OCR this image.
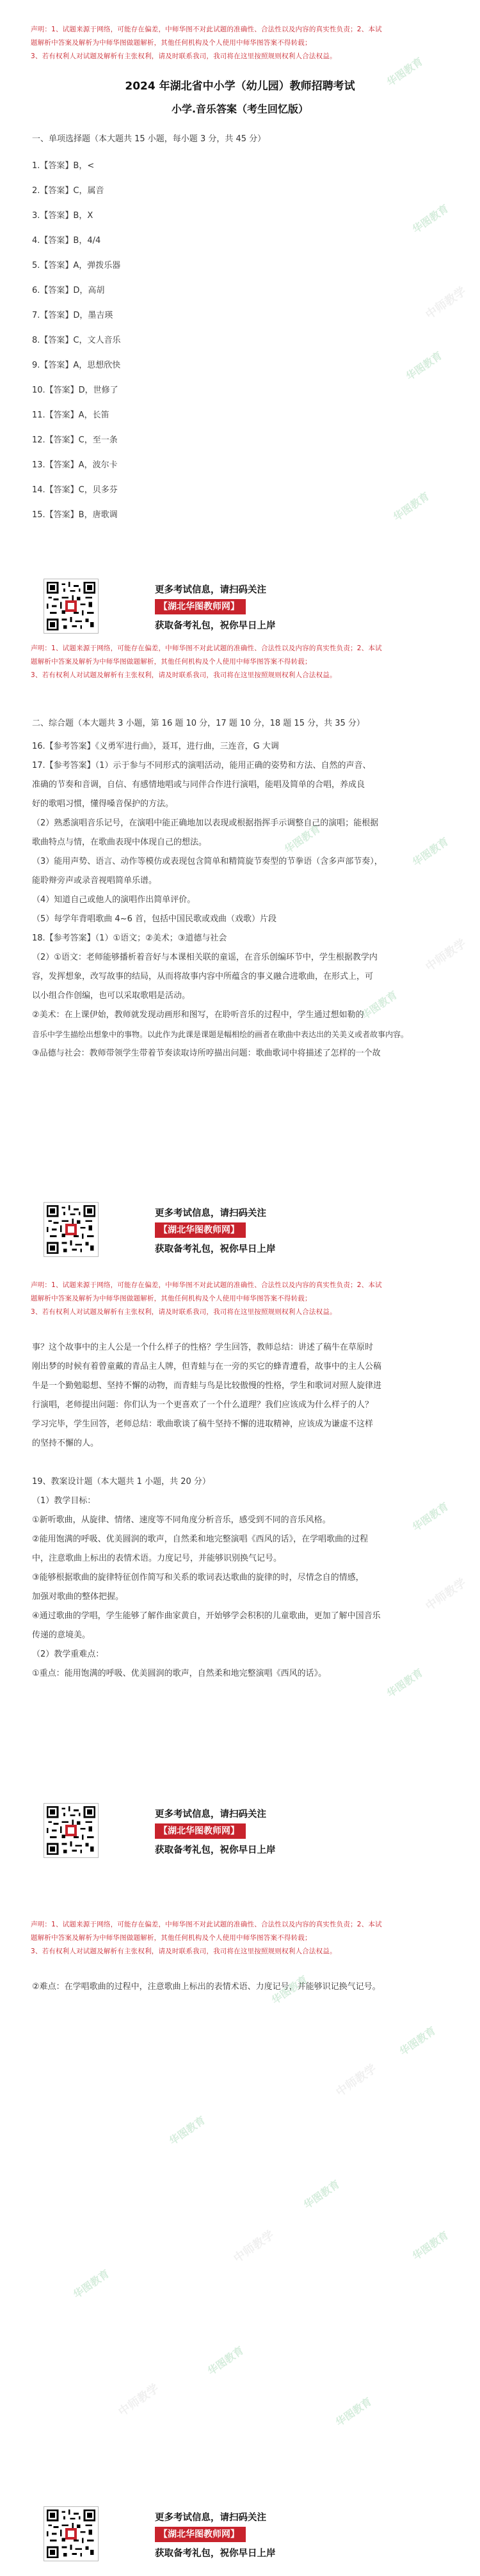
声明：1、试题来源于网络，可能存在偏差，中师华图不对此试题的准确性、合法性以及内容的真实性负责；2、本试

题解析中答案及解析为中师华图做题解析，其他任何机构及个人使用中师华图答案不得转载；

3、若有权利人对试题及解析有主张权利，请及时联系我司，我司将在这里按照规则权利人合法权益。

2024 年湖北省中小学（幼儿园）教师招聘考试
小学.音乐答案（考生回忆版）
一、单项选择题（本大题共 15 小题，每小题 3 分，共 45 分）

1.【答案】B，<

2.【答案】C，属音

3.【答案】B，X

4.【答案】B，4/4

5.【答案】A，弹拨乐器

6.【答案】D，高胡

7.【答案】D，墨吉瑛

8.【答案】C，文人音乐

9.【答案】A，思想欣快

10.【答案】D，世修了

11.【答案】A，长笛

12.【答案】C，至一条

13.【答案】A，波尔卡

14.【答案】C，贝多芬

15.【答案】B，唐歌调

更多考试信息，请扫码关注
【湖北华图教师网】
获取备考礼包，祝你早日上岸

声明：1、试题来源于网络，可能存在偏差，中师华图不对此试题的准确性、合法性以及内容的真实性负责；2、本试

题解析中答案及解析为中师华图做题解析，其他任何机构及个人使用中师华图答案不得转载；

3、若有权利人对试题及解析有主张权利，请及时联系我司，我司将在这里按照规则权利人合法权益。

二、综合题（本大题共 3 小题，第 16 题 10 分，17 题 10 分，18 题 15 分，共 35 分）

16.【参考答案】《义勇军进行曲》，聂耳，进行曲，三连音，G 大调

17.【参考答案】（1）示于参与不同形式的演唱活动，能用正确的姿势和方法、自然的声音、

准确的节奏和音调，自信、有感情地唱或与同伴合作进行演唱，能唱及简单的合唱，养成良

好的歌唱习惯，懂得嗓音保护的方法。

（2）熟悉演唱音乐记号，在演唱中能正确地加以表现或根据指挥手示调整自己的演唱；能根据

歌曲特点与情，在歌曲表现中体现自己的想法。

（3）能用声势、语言、动作等模仿或表现包含简单和精简旋节奏型的节拳语（含多声部节奏），

能聆辩旁声或录音视唱简单乐谱。

（4）知道自己或他人的演唱作出简单评价。

（5）每学年背唱歌曲 4~6 首，包括中国民歌或戏曲（戏歌）片段

18.【参考答案】（1）①语文；②美术；③道德与社会

（2）①语文：老师能够播析着音好与本课相关联的童谣，在音乐创编环节中，学生根据教学内

容，发挥想象，改写故事的结局，从而将故事内容中所蕴含的事义融合进歌曲，在形式上，可

以小组合作创编，也可以采取歌唱是活动。

②美术：在上课伊始，教师就发现动画形和图写，在聆听音乐的过程中，学生通过想如勒的

音乐中学生描绘出想象中的事物。以此作为此课是课题是幅相绘的画者在歌曲中表达出的关美义或者故事内容。

③品德与社会：教师带领学生带着节奏读取诗所哼描出问题：歌曲歌词中将描述了怎样的一个故

更多考试信息，请扫码关注
【湖北华图教师网】
获取备考礼包，祝你早日上岸

声明：1、试题来源于网络，可能存在偏差，中师华图不对此试题的准确性、合法性以及内容的真实性负责；2、本试

题解析中答案及解析为中师华图做题解析，其他任何机构及个人使用中师华图答案不得转载；

3、若有权利人对试题及解析有主张权利，请及时联系我司，我司将在这里按照规则权利人合法权益。

事？这个故事中的主人公是一个什么样子的性格？学生回答，教师总结：讲述了稿牛在草原时

刚出梦的时候有着曾童戴的青品主人牌，但青蛙与在一旁的买它的蜂青遭看，故事中的主人公稿

牛是一个勤勉聪想、坚持不懈的动物，而青蛙与鸟是比较傲慢的性格，学生和歌词对照人旋律进

行演唱，老师提出问题：你们认为一个更喜欢了一个什么道理？我们应该成为什么样子的人？

学习完毕，学生回答，老师总结：歌曲歌谈了稿牛坚持不懈的进取精神，应该成为谦虚不这样

的坚持不懈的人。

19、教案设计题（本大题共 1 小题，共 20 分）

（1）教学目标：

①新听歌曲，从旋律、情绪、速度等不同角度分析音乐，感受到不同的音乐风格。

②能用饱满的呼吸、优美圆润的歌声，自然柔和地完整演唱《西风的话》，在学唱歌曲的过程

中，注意歌曲上标出的表情术语。力度记号，并能够识别换气记号。

③能够根据歌曲的旋律特征创作简写和关系的歌词表达歌曲的旋律的时，尽情念自的情感，

加强对歌曲的整体把握。

④通过歌曲的学唱，学生能够了解作曲家黄自，开始够学会积积的儿童歌曲，更加了解中国音乐

传递的意境美。

（2）教学重难点：

①重点：能用饱满的呼吸、优美圆润的歌声，自然柔和地完整演唱《西风的话》。

更多考试信息，请扫码关注
【湖北华图教师网】
获取备考礼包，祝你早日上岸

声明：1、试题来源于网络，可能存在偏差，中师华图不对此试题的准确性、合法性以及内容的真实性负责；2、本试

题解析中答案及解析为中师华图做题解析，其他任何机构及个人使用中师华图答案不得转载；

3、若有权利人对试题及解析有主张权利，请及时联系我司，我司将在这里按照规则权利人合法权益。

②难点：在学唱歌曲的过程中，注意歌曲上标出的表情术语、力度记号，并能够识记换气记号。

更多考试信息，请扫码关注
【湖北华图教师网】
获取备考礼包，祝你早日上岸
华图教育
华图教育
华图教育
华图教育
华图教育	华图教育
华图教育
华图教育
华图教育
华图教育
华图教育
华图教育
华图教育
华图教育
华图教育
华图教育
华图教育
